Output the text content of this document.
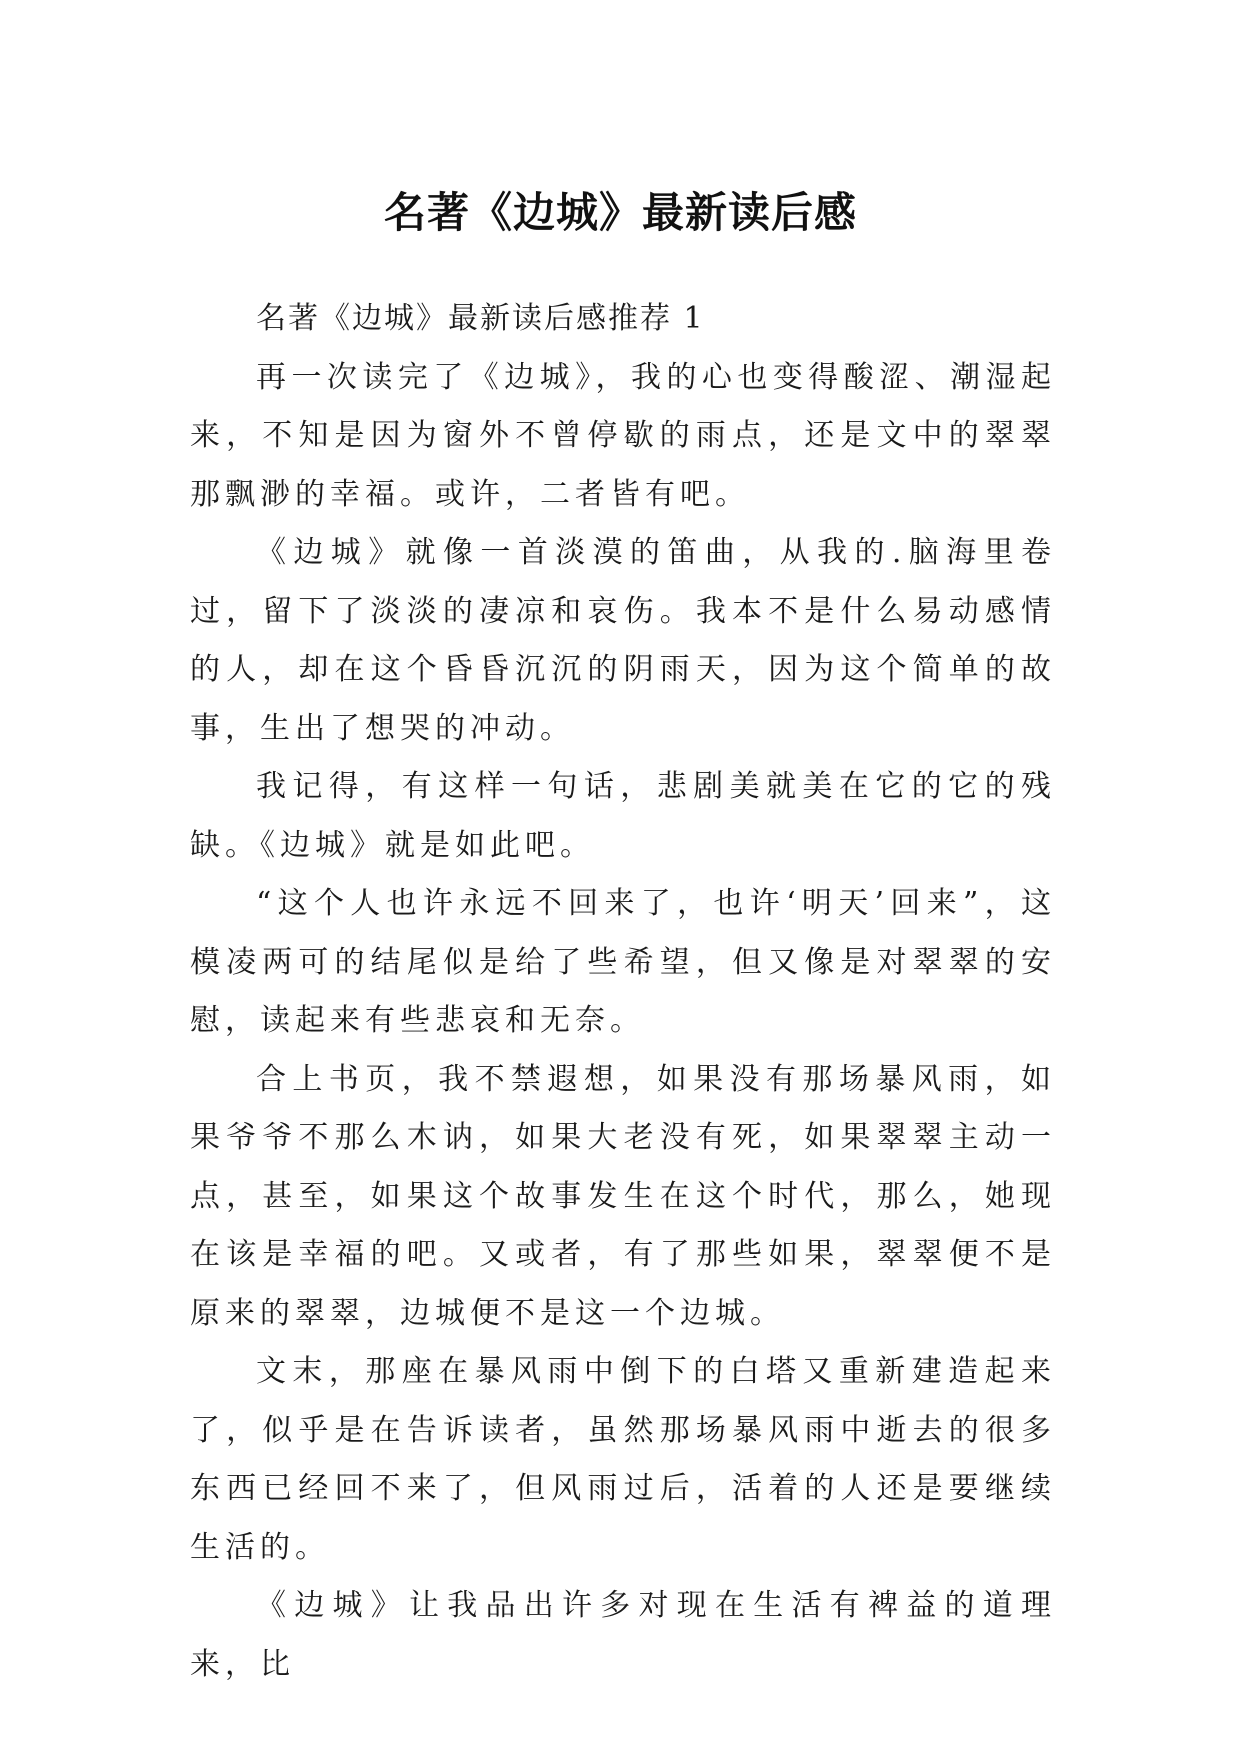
名著《边城》最新读后感

名著《边城》最新读后感推荐 1

再一次读完了《边城》，我的心也变得酸涩、潮湿起来，不知是因为窗外不曾停歇的雨点，还是文中的翠翠那飘渺的幸福。或许，二者皆有吧。

《边城》就像一首淡漠的笛曲，从我的.脑海里卷过，留下了淡淡的凄凉和哀伤。我本不是什么易动感情的人，却在这个昏昏沉沉的阴雨天，因为这个简单的故事，生出了想哭的冲动。

我记得，有这样一句话，悲剧美就美在它的它的残缺。《边城》就是如此吧。

“这个人也许永远不回来了，也许‘明天’回来”，这模凌两可的结尾似是给了些希望，但又像是对翠翠的安慰，读起来有些悲哀和无奈。

合上书页，我不禁遐想，如果没有那场暴风雨，如果爷爷不那么木讷，如果大老没有死，如果翠翠主动一点，甚至，如果这个故事发生在这个时代，那么，她现在该是幸福的吧。又或者，有了那些如果，翠翠便不是原来的翠翠，边城便不是这一个边城。

文末，那座在暴风雨中倒下的白塔又重新建造起来了，似乎是在告诉读者，虽然那场暴风雨中逝去的很多东西已经回不来了，但风雨过后，活着的人还是要继续生活的。

《边城》让我品出许多对现在生活有裨益的道理来，比
